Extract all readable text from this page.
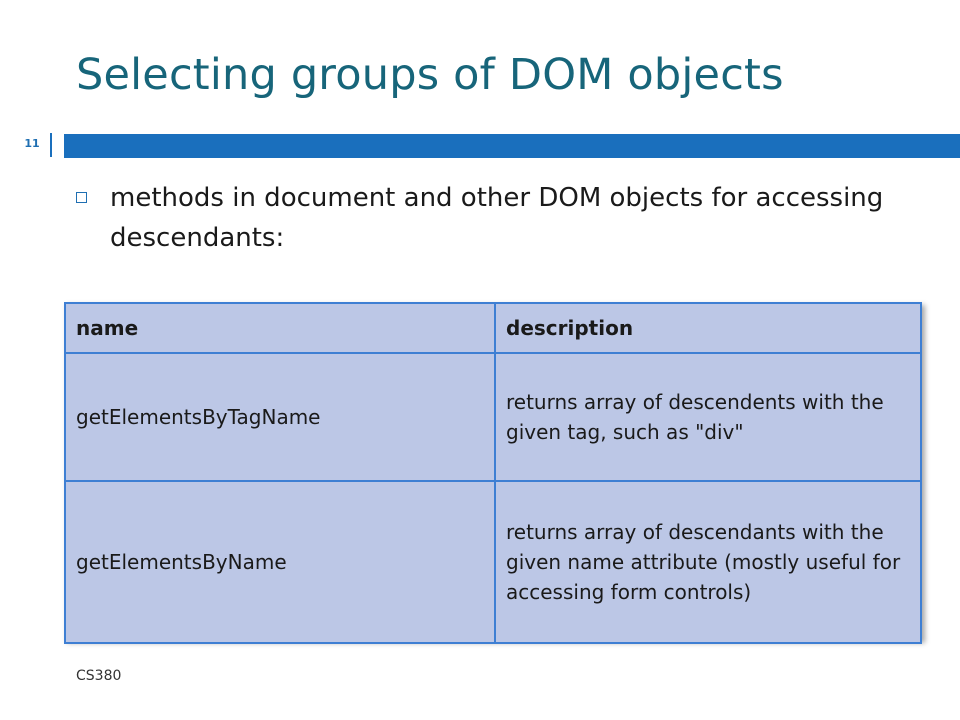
Selecting groups of DOM objects
11
methods in document and other DOM objects for accessing descendants:
name	description
getElementsByTagName	returns array of descendents with the given tag, such as "div"
getElementsByName	returns array of descendants with the given name attribute (mostly useful for accessing form controls)
CS380
